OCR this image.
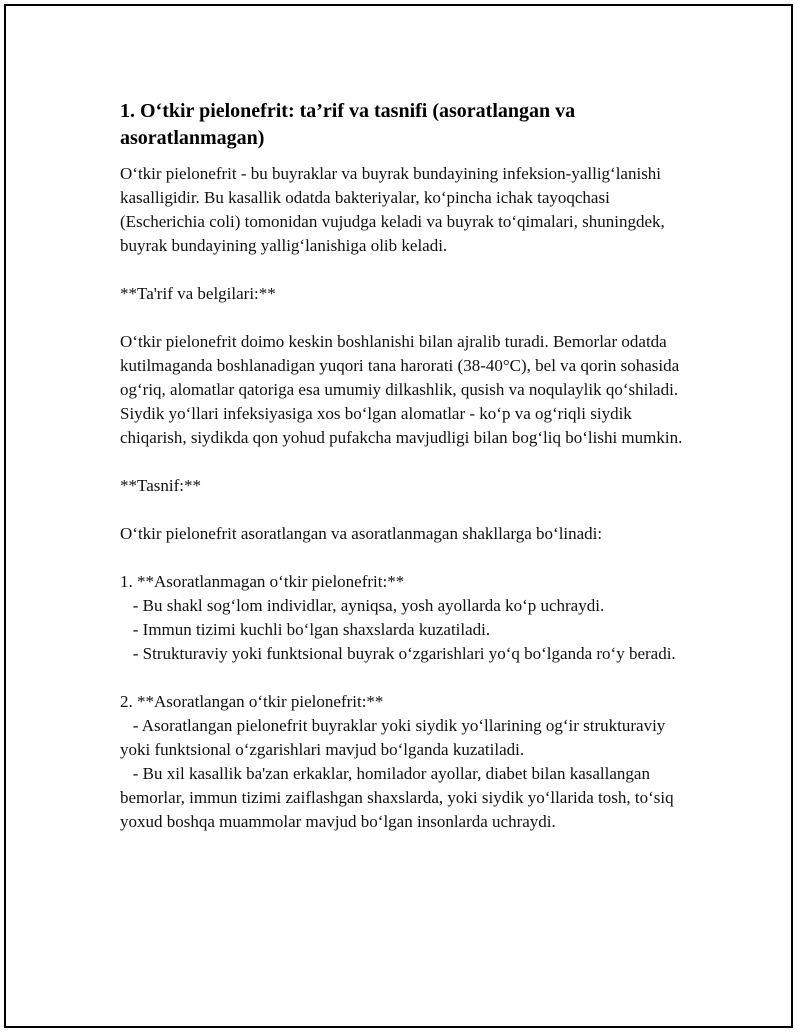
1. O‘tkir pielonefrit: ta’rif va tasnifi (asoratlangan va asoratlanmagan)

O‘tkir pielonefrit - bu buyraklar va buyrak bundayining infeksion-yallig‘lanishi kasalligidir. Bu kasallik odatda bakteriyalar, ko‘pincha ichak tayoqchasi (Escherichia coli) tomonidan vujudga keladi va buyrak to‘qimalari, shuningdek, buyrak bundayining yallig‘lanishiga olib keladi.

**Ta'rif va belgilari:**

O‘tkir pielonefrit doimo keskin boshlanishi bilan ajralib turadi. Bemorlar odatda kutilmaganda boshlanadigan yuqori tana harorati (38-40°C), bel va qorin sohasida og‘riq, alomatlar qatoriga esa umumiy dilkashlik, qusish va noqulaylik qo‘shiladi. Siydik yo‘llari infeksiyasiga xos bo‘lgan alomatlar - ko‘p va og‘riqli siydik chiqarish, siydikda qon yohud pufakcha mavjudligi bilan bog‘liq bo‘lishi mumkin.

**Tasnif:**

O‘tkir pielonefrit asoratlangan va asoratlanmagan shakllarga bo‘linadi:

1. **Asoratlanmagan o‘tkir pielonefrit:**
- Bu shakl sog‘lom individlar, ayniqsa, yosh ayollarda ko‘p uchraydi.
- Immun tizimi kuchli bo‘lgan shaxslarda kuzatiladi.
- Strukturaviy yoki funktsional buyrak o‘zgarishlari yo‘q bo‘lganda ro‘y beradi.
2. **Asoratlangan o‘tkir pielonefrit:**
- Asoratlangan pielonefrit buyraklar yoki siydik yo‘llarining og‘ir strukturaviy yoki funktsional o‘zgarishlari mavjud bo‘lganda kuzatiladi.
- Bu xil kasallik ba'zan erkaklar, homilador ayollar, diabet bilan kasallangan bemorlar, immun tizimi zaiflashgan shaxslarda, yoki siydik yo‘llarida tosh, to‘siq yoxud boshqa muammolar mavjud bo‘lgan insonlarda uchraydi.
